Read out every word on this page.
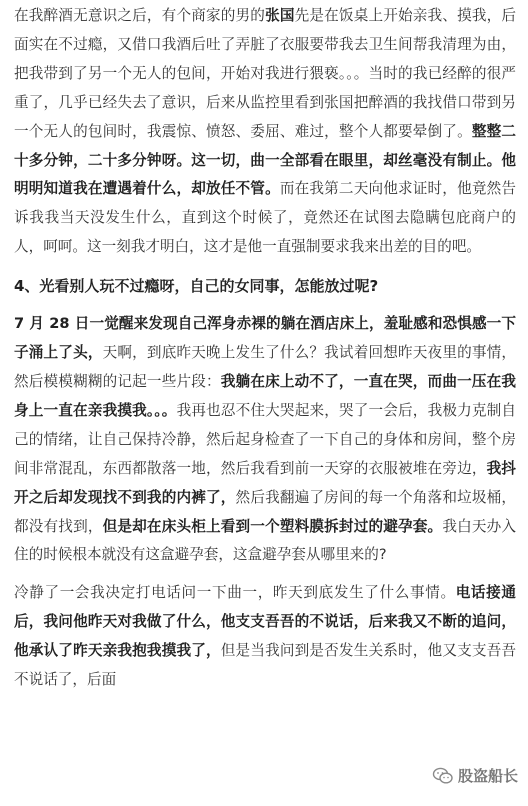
在我醉酒无意识之后，有个商家的男的张国先是在饭桌上开始亲我、摸我，后面实在不过瘾，又借口我酒后吐了弄脏了衣服要带我去卫生间帮我清理为由，把我带到了另一个无人的包间，开始对我进行猥亵。。。当时的我已经醉的很严重了，几乎已经失去了意识，后来从监控里看到张国把醉酒的我找借口带到另一个无人的包间时，我震惊、愤怒、委屈、难过，整个人都要晕倒了。整整二十多分钟，二十多分钟呀。这一切，曲一全部看在眼里，却丝毫没有制止。他明明知道我在遭遇着什么，却放任不管。而在我第二天向他求证时，他竟然告诉我我当天没发生什么，直到这个时候了，竟然还在试图去隐瞒包庇商户的人，呵呵。这一刻我才明白，这才是他一直强制要求我来出差的目的吧。

4、光看别人玩不过瘾呀，自己的女同事，怎能放过呢?

7 月 28 日一觉醒来发现自己浑身赤裸的躺在酒店床上，羞耻感和恐惧感一下子涌上了头，天啊，到底昨天晚上发生了什么？我试着回想昨天夜里的事情，然后模模糊糊的记起一些片段：我躺在床上动不了，一直在哭，而曲一压在我身上一直在亲我摸我。。。我再也忍不住大哭起来，哭了一会后，我极力克制自己的情绪，让自己保持冷静，然后起身检查了一下自己的身体和房间，整个房间非常混乱，东西都散落一地，然后我看到前一天穿的衣服被堆在旁边，我抖开之后却发现找不到我的内裤了，然后我翻遍了房间的每一个角落和垃圾桶，都没有找到，但是却在床头柜上看到一个塑料膜拆封过的避孕套。我白天办入住的时候根本就没有这盒避孕套，这盒避孕套从哪里来的?

冷静了一会我决定打电话问一下曲一，昨天到底发生了什么事情。电话接通后，我问他昨天对我做了什么，他支支吾吾的不说话，后来我又不断的追问，他承认了昨天亲我抱我摸我了，但是当我问到是否发生关系时，他又支支吾吾不说话了，后面

股盗船长
